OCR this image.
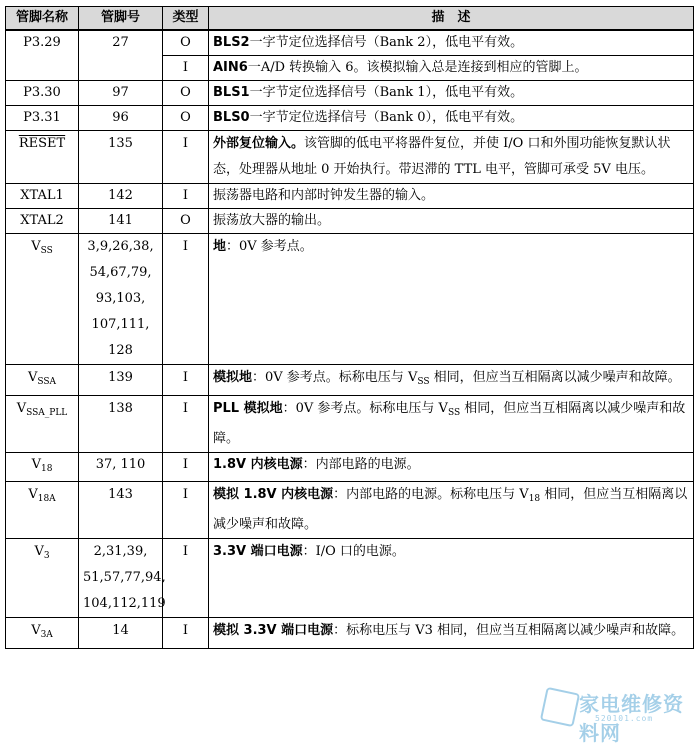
管脚名称	管脚号	类型	描　述
P3.29	27	O	BLS2一字节定位选择信号（Bank 2），低电平有效。
		I	AIN6一A/D 转换输入 6。该模拟输入总是连接到相应的管脚上。
P3.30	97	O	BLS1一字节定位选择信号（Bank 1），低电平有效。
P3.31	96	O	BLS0一字节定位选择信号（Bank 0），低电平有效。
RESET	135	I	外部复位输入。该管脚的低电平将器件复位，并使 I/O 口和外围功能恢复默认状态，处理器从地址 0 开始执行。带迟滞的 TTL 电平，管脚可承受 5V 电压。
XTAL1	142	I	振荡器电路和内部时钟发生器的输入。
XTAL2	141	O	振荡放大器的输出。
$V_{SS}$	3,9,26,38,
54,67,79,
93,103,
107,111,
128	I	地：0V 参考点。
$V_{SSA}$	139	I	模拟地：0V 参考点。标称电压与 $V_{SS}$ 相同，但应当互相隔离以减少噪声和故障。
$V_{SSA\_PLL}$	138	I	PLL 模拟地：0V 参考点。标称电压与 $V_{SS}$ 相同，但应当互相隔离以减少噪声和故障。
$V_{18}$	37, 110	I	1.8V 内核电源：内部电路的电源。
$V_{18A}$	143	I	模拟 1.8V 内核电源：内部电路的电源。标称电压与 $V_{18}$ 相同，但应当互相隔离以减少噪声和故障。
$V_3$	2,31,39,
51,57,77,94,
104,112,119	I	3.3V 端口电源：I/O 口的电源。
$V_{3A}$	14	I	模拟 3.3V 端口电源：标称电压与 V3 相同，但应当互相隔离以减少噪声和故障。
家电维修资料网
520101.com
